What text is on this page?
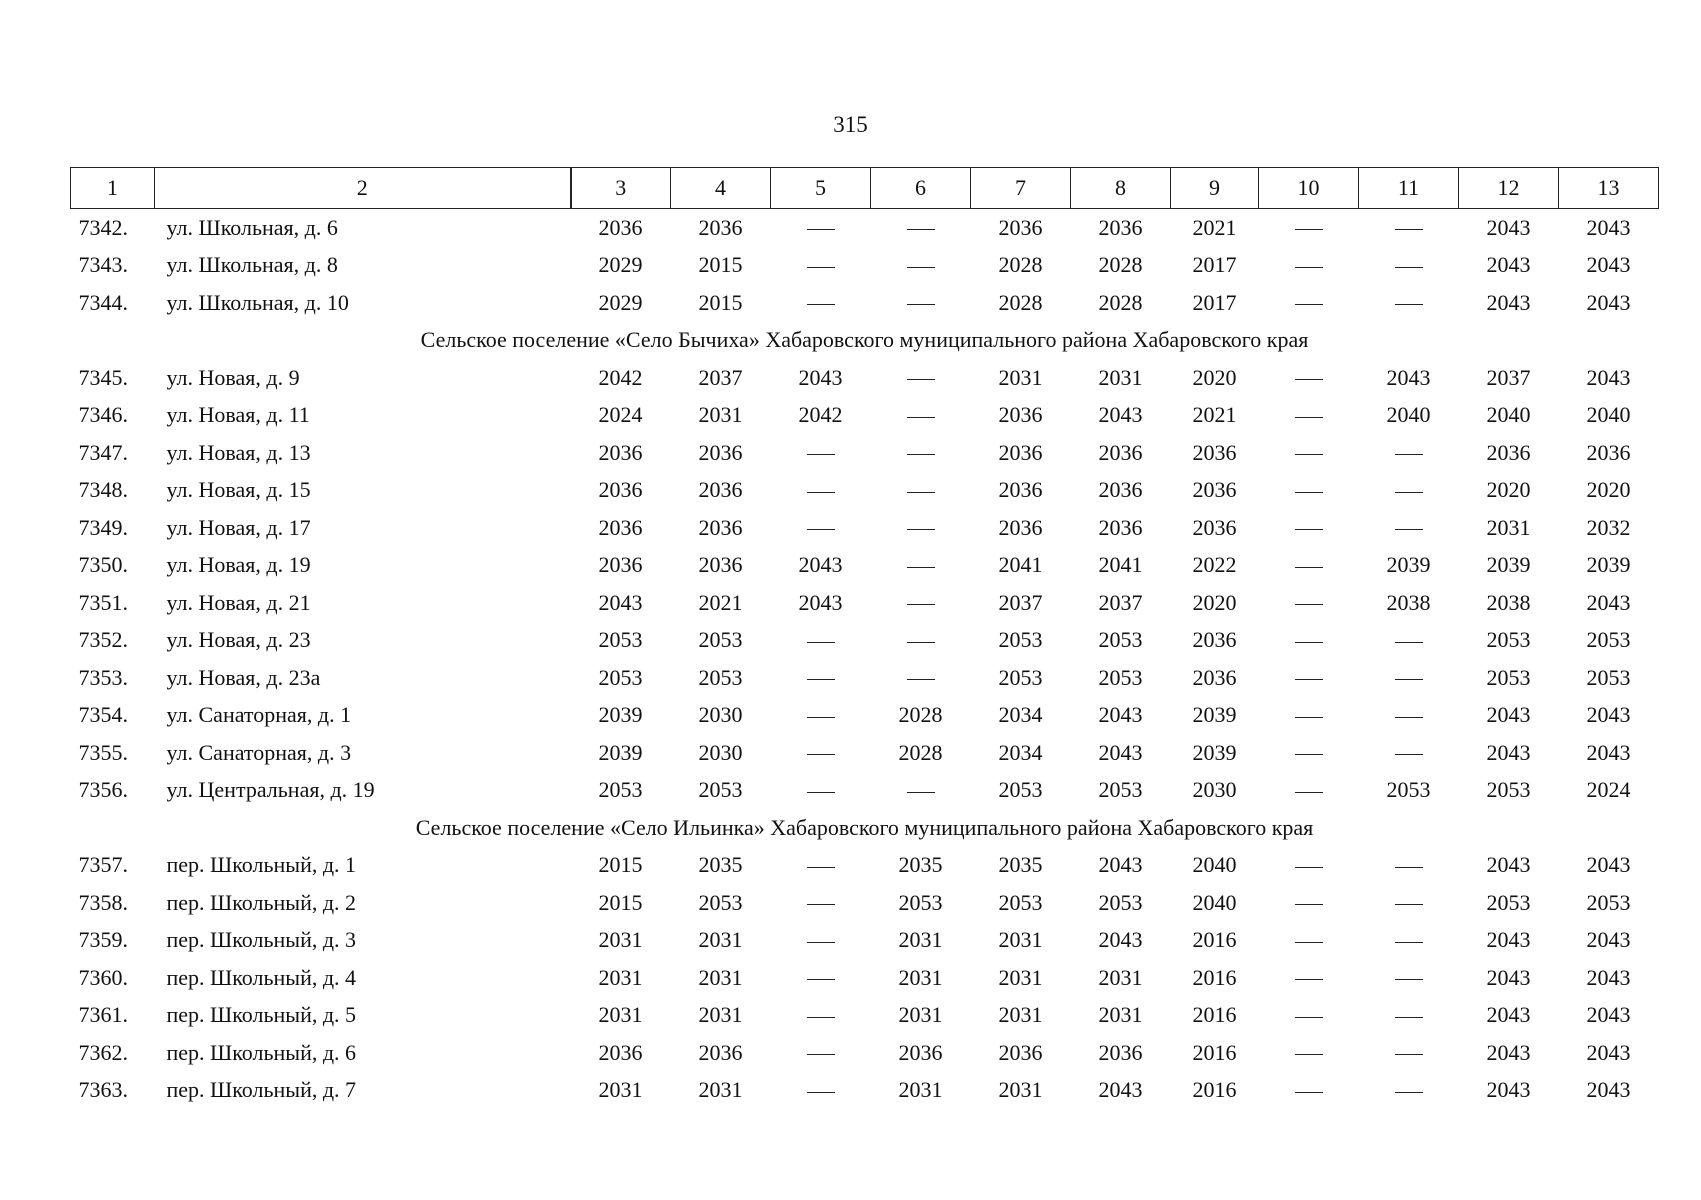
315
1	2	3	4	5	6	7	8	9	10	11	12	13
7342.	ул. Школьная, д. 6	2036	2036			2036	2036	2021			2043	2043
7343.	ул. Школьная, д. 8	2029	2015			2028	2028	2017			2043	2043
7344.	ул. Школьная, д. 10	2029	2015			2028	2028	2017			2043	2043
Сельское поселение «Село Бычиха» Хабаровского муниципального района Хабаровского края												
7345.	ул. Новая, д. 9	2042	2037	2043		2031	2031	2020		2043	2037	2043
7346.	ул. Новая, д. 11	2024	2031	2042		2036	2043	2021		2040	2040	2040
7347.	ул. Новая, д. 13	2036	2036			2036	2036	2036			2036	2036
7348.	ул. Новая, д. 15	2036	2036			2036	2036	2036			2020	2020
7349.	ул. Новая, д. 17	2036	2036			2036	2036	2036			2031	2032
7350.	ул. Новая, д. 19	2036	2036	2043		2041	2041	2022		2039	2039	2039
7351.	ул. Новая, д. 21	2043	2021	2043		2037	2037	2020		2038	2038	2043
7352.	ул. Новая, д. 23	2053	2053			2053	2053	2036			2053	2053
7353.	ул. Новая, д. 23а	2053	2053			2053	2053	2036			2053	2053
7354.	ул. Санаторная, д. 1	2039	2030		2028	2034	2043	2039			2043	2043
7355.	ул. Санаторная, д. 3	2039	2030		2028	2034	2043	2039			2043	2043
7356.	ул. Центральная, д. 19	2053	2053			2053	2053	2030		2053	2053	2024
Сельское поселение «Село Ильинка» Хабаровского муниципального района Хабаровского края												
7357.	пер. Школьный, д. 1	2015	2035		2035	2035	2043	2040			2043	2043
7358.	пер. Школьный, д. 2	2015	2053		2053	2053	2053	2040			2053	2053
7359.	пер. Школьный, д. 3	2031	2031		2031	2031	2043	2016			2043	2043
7360.	пер. Школьный, д. 4	2031	2031		2031	2031	2031	2016			2043	2043
7361.	пер. Школьный, д. 5	2031	2031		2031	2031	2031	2016			2043	2043
7362.	пер. Школьный, д. 6	2036	2036		2036	2036	2036	2016			2043	2043
7363.	пер. Школьный, д. 7	2031	2031		2031	2031	2043	2016			2043	2043
